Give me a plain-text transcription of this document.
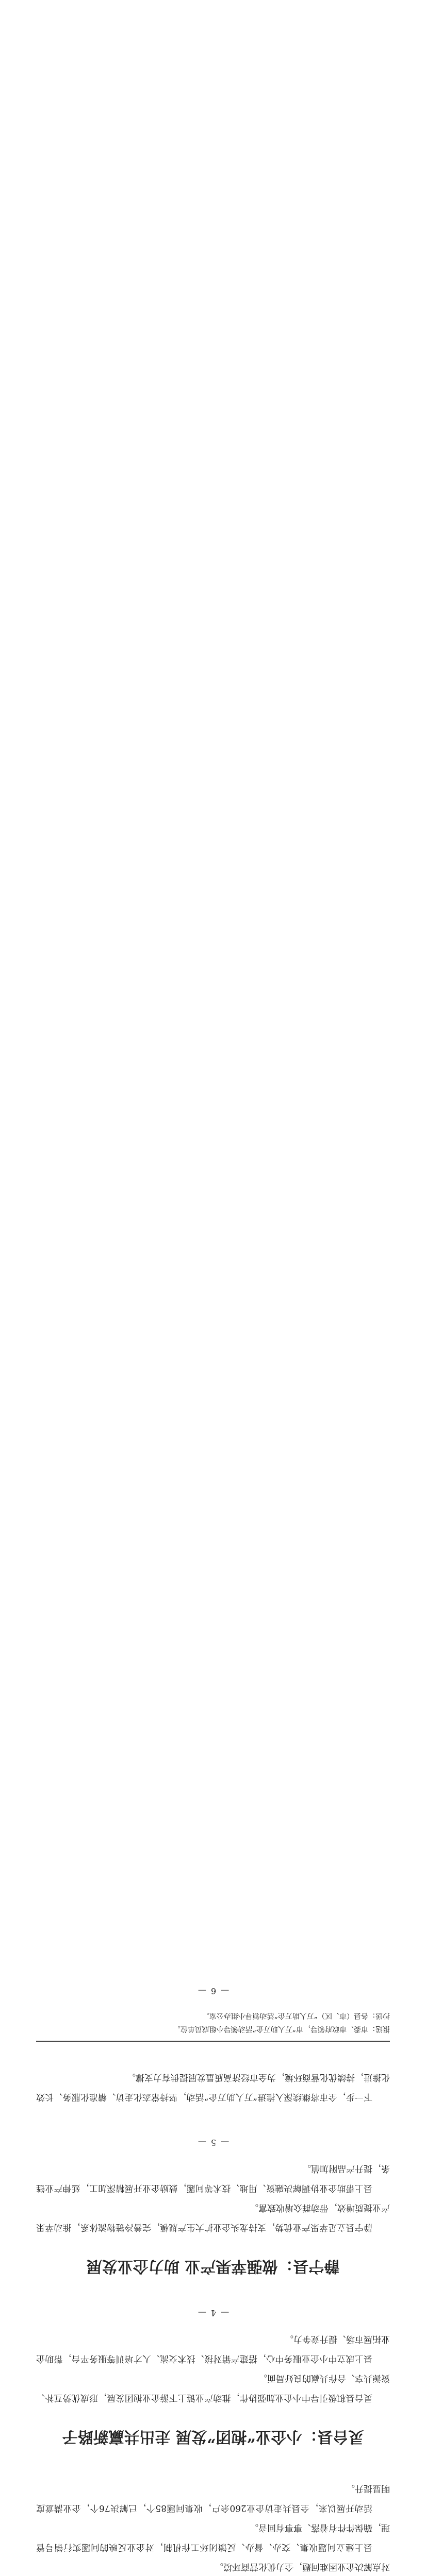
对点解决企业困难问题，全力优化营商环境。

县上建立问题收集、交办、督办、反馈闭环工作机制，对企业反映的问题实行销号管理，确保件件有着落、事事有回音。

活动开展以来，全县共走访企业260余户，收集问题85个，已解决76个，企业满意度明显提升。

灵台县：小企业“抱团”发展 走出共赢新路子

灵台县积极引导中小企业加强协作，推动产业链上下游企业抱团发展，形成优势互补、资源共享、合作共赢的良好局面。

县上成立中小企业服务中心，搭建产销对接、技术交流、人才培训等服务平台，帮助企业拓展市场、提升竞争力。

— 4 —
静宁县：做强苹果产业 助力企业发展

静宁县立足苹果产业优势，支持龙头企业扩大生产规模，完善冷链物流体系，推动苹果产业提质增效，带动群众增收致富。

县上帮助企业协调解决融资、用地、技术等问题，鼓励企业开展精深加工，延伸产业链条，提升产品附加值。

— 5 —

下一步，全市将继续深入推进“万人助万企”活动，坚持常态化走访、精准化服务、长效化推进，持续优化营商环境，为全市经济高质量发展提供有力支撑。

报送：市委、市政府领导，市“万人助万企”活动领导小组成员单位。
抄送：各县（市、区）“万人助万企”活动领导小组办公室。
— 6 —
